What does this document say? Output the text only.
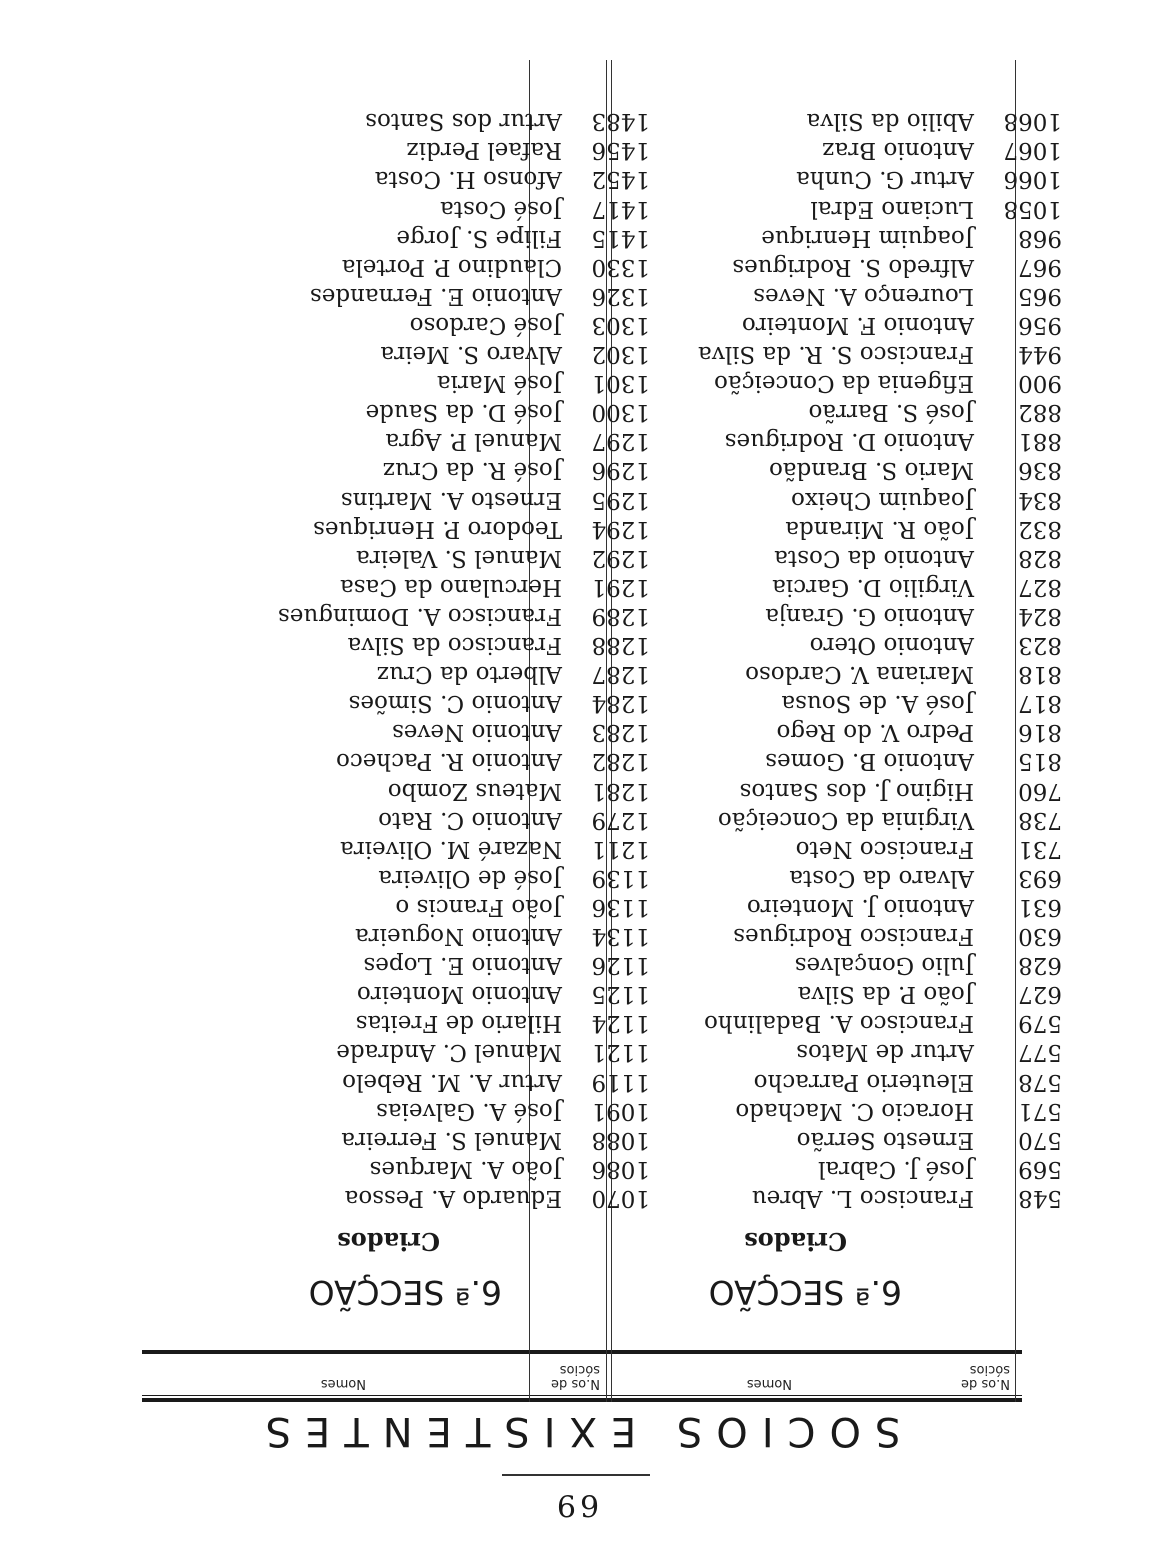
69
SOCIOS EXISTENTES
N.os de sócios
Nomes
N.os de sócios
Nomes
6.ª SECÇÃO
Criados
6.ª SECÇÃO
Criados
548
Francisco L. Abreu
569
José J. Cabral
570
Ernesto Serrão
571
Horacio C. Machado
578
Eleuterio Parracho
577
Artur de Matos
579
Francisco A. Badalinho
627
João P. da Silva
628
Julio Gonçalves
630
Francisco Rodrigues
631
Antonio J. Monteiro
693
Alvaro da Costa
731
Francisco Neto
738
Virginia da Conceição
760
Higino J. dos Santos
815
Antonio B. Gomes
816
Pedro V. do Rego
817
José A. de Sousa
818
Mariana V. Cardoso
823
Antonio Otero
824
Antonio G. Granja
827
Virgilio D. Garcia
828
Antonio da Costa
832
João R. Miranda
834
Joaquim Cheixo
836
Mario S. Brandão
881
Antonio D. Rodrigues
882
José S. Barrão
900
Efigenia da Conceição
944
Francisco S. R. da Silva
956
Antonio F. Monteiro
965
Lourenço A. Neves
967
Alfredo S. Rodrigues
968
Joaquim Henrique
1058
Luciano Edral
1066
Artur G. Cunha
1067
Antonio Braz
1068
Abilio da Silva
1070
Eduardo A. Pessoa
1086
João A. Marques
1088
Manuel S. Ferreira
1091
José A. Galveias
1119
Artur A. M. Rebelo
1121
Manuel C. Andrade
1124
Hilario de Freitas
1125
Antonio Monteiro
1126
Antonio E. Lopes
1134
Antonio Nogueira
1136
João Francis o
1139
José de Oliveira
1211
Nazaré M. Oliveira
1279
Antonio C. Rato
1281
Mateus Zombo
1282
Antonio R. Pacheco
1283
Antonio Neves
1284
Antonio C. Simões
1287
Alberto da Cruz
1288
Francisco da Silva
1289
Francisco A. Domingues
1291
Herculano da Casa
1292
Manuel S. Valeira
1294
Teodoro P. Henriques
1295
Ernesto A. Martins
1296
José R. da Cruz
1297
Manuel P. Agra
1300
José D. da Saude
1301
José Maria
1302
Alvaro S. Meira
1303
José Cardoso
1326
Antonio E. Fernandes
1330
Claudino P. Portela
1415
Filipe S. Jorge
1417
José Costa
1452
Afonso H. Costa
1456
Rafael Perdiz
1483
Artur dos Santos
